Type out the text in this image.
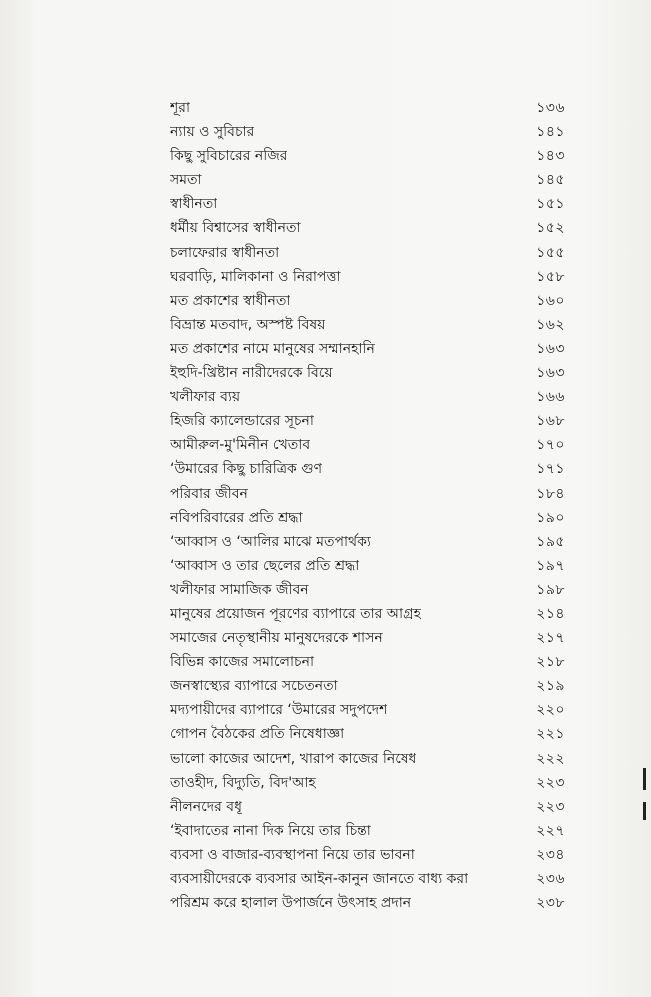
শূরা	১৩৬
ন্যায় ও সুবিচার	১৪১
কিছু সুবিচারের নজির	১৪৩
সমতা	১৪৫
স্বাধীনতা	১৫১
ধর্মীয় বিশ্বাসের স্বাধীনতা	১৫২
চলাফেরার স্বাধীনতা	১৫৫
ঘরবাড়ি, মালিকানা ও নিরাপত্তা	১৫৮
মত প্রকাশের স্বাধীনতা	১৬০
বিভ্রান্ত মতবাদ, অস্পষ্ট বিষয়	১৬২
মত প্রকাশের নামে মানুষের সম্মানহানি	১৬৩
ইহুদি-খ্রিষ্টান নারীদেরকে বিয়ে	১৬৩
খলীফার ব্যয়	১৬৬
হিজরি ক্যালেন্ডারের সূচনা	১৬৮
আমীরুল-মু'মিনীন খেতাব	১৭০
‘উমারের কিছু চারিত্রিক গুণ	১৭১
পরিবার জীবন	১৮৪
নবিপরিবারের প্রতি শ্রদ্ধা	১৯০
‘আব্বাস ও ‘আলির মাঝে মতপার্থক্য	১৯৫
‘আব্বাস ও তার ছেলের প্রতি শ্রদ্ধা	১৯৭
খলীফার সামাজিক জীবন	১৯৮
মানুষের প্রয়োজন পূরণের ব্যাপারে তার আগ্রহ	২১৪
সমাজের নেতৃস্থানীয় মানুষদেরকে শাসন	২১৭
বিভিন্ন কাজের সমালোচনা	২১৮
জনস্বাস্থ্যের ব্যাপারে সচেতনতা	২১৯
মদ্যপায়ীদের ব্যাপারে ‘উমারের সদুপদেশ	২২০
গোপন বৈঠকের প্রতি নিষেধাজ্ঞা	২২১
ভালো কাজের আদেশ, খারাপ কাজের নিষেধ	২২২
তাওহীদ, বিদ্যুতি, বিদ'আহ	২২৩
নীলনদের বধূ	২২৩
‘ইবাদাতের নানা দিক নিয়ে তার চিন্তা	২২৭
ব্যবসা ও বাজার-ব্যবস্থাপনা নিয়ে তার ভাবনা	২৩৪
ব্যবসায়ীদেরকে ব্যবসার আইন-কানুন জানতে বাধ্য করা	২৩৬
পরিশ্রম করে হালাল উপার্জনে উৎসাহ প্রদান	২৩৮
